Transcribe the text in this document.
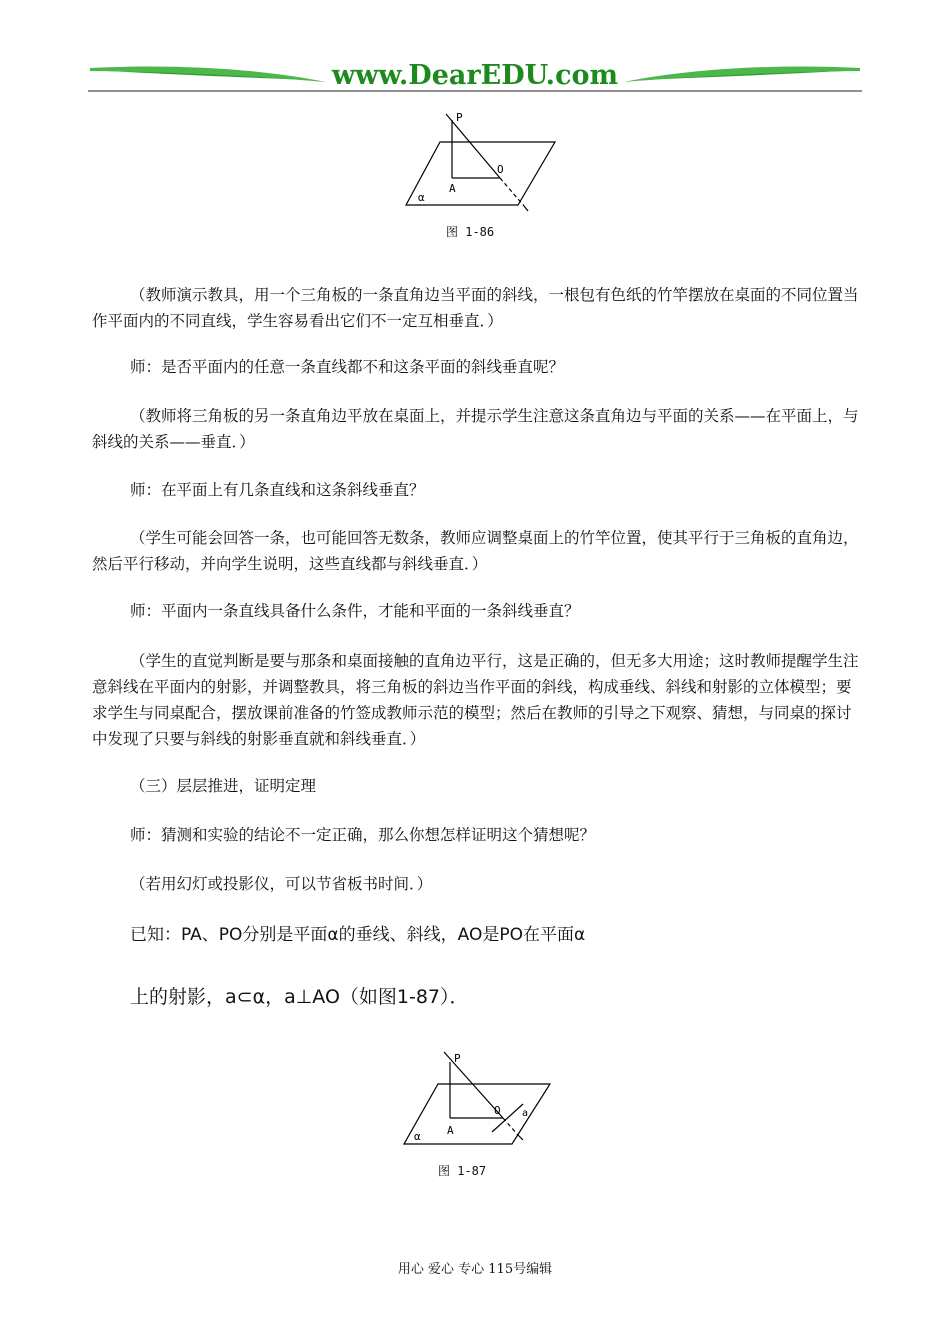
www.DearEDU.com
P
O
A
α
图 1-86
（教师演示教具，用一个三角板的一条直角边当平面的斜线，一根包有色纸的竹竿摆放在桌面的不同位置当作平面内的不同直线，学生容易看出它们不一定互相垂直．）
师：是否平面内的任意一条直线都不和这条平面的斜线垂直呢？
（教师将三角板的另一条直角边平放在桌面上，并提示学生注意这条直角边与平面的关系——在平面上，与斜线的关系——垂直．）
师：在平面上有几条直线和这条斜线垂直？
（学生可能会回答一条，也可能回答无数条，教师应调整桌面上的竹竿位置，使其平行于三角板的直角边，然后平行移动，并向学生说明，这些直线都与斜线垂直．）
师：平面内一条直线具备什么条件，才能和平面的一条斜线垂直？
（学生的直觉判断是要与那条和桌面接触的直角边平行，这是正确的，但无多大用途；这时教师提醒学生注意斜线在平面内的射影，并调整教具，将三角板的斜边当作平面的斜线，构成垂线、斜线和射影的立体模型；要求学生与同桌配合，摆放课前准备的竹签成教师示范的模型；然后在教师的引导之下观察、猜想，与同桌的探讨中发现了只要与斜线的射影垂直就和斜线垂直．）
（三）层层推进，证明定理
师：猜测和实验的结论不一定正确，那么你想怎样证明这个猜想呢？
（若用幻灯或投影仪，可以节省板书时间．）
已知：PA、PO分别是平面α的垂线、斜线，AO是PO在平面α
上的射影，a⊂α，a⊥AO（如图1-87）．
P
O
A
a
α
图 1-87
用心 爱心 专心 115号编辑
